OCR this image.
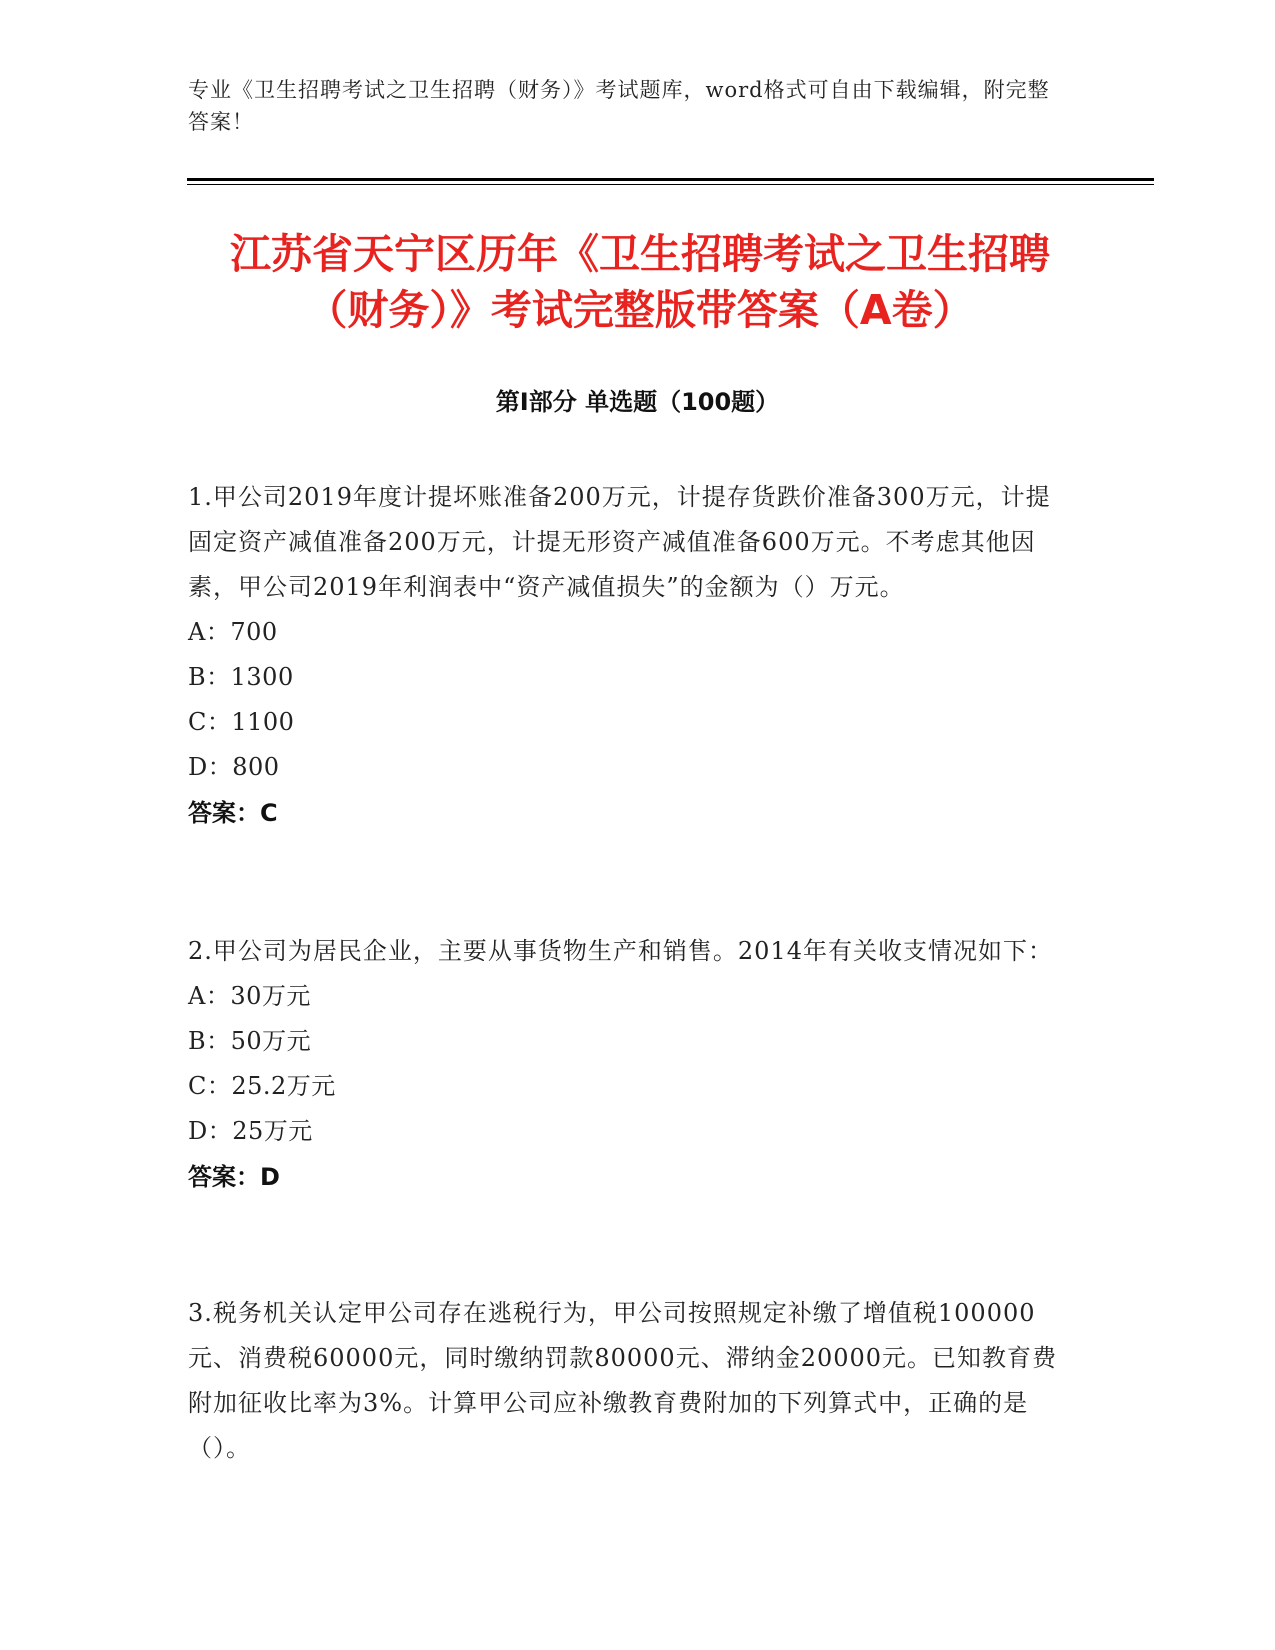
专业《卫生招聘考试之卫生招聘（财务）》考试题库，word格式可自由下载编辑，附完整答案！
江苏省天宁区历年《卫生招聘考试之卫生招聘（财务）》考试完整版带答案（A卷）
第Ⅰ部分 单选题（100题）
1.甲公司2019年度计提坏账准备200万元，计提存货跌价准备300万元，计提固定资产减值准备200万元，计提无形资产减值准备600万元。不考虑其他因素，甲公司2019年利润表中“资产减值损失”的金额为（）万元。
A：700
B：1300
C：1100
D：800
答案：C
2.甲公司为居民企业，主要从事货物生产和销售。2014年有关收支情况如下：
A：30万元
B：50万元
C：25.2万元
D：25万元
答案：D
3.税务机关认定甲公司存在逃税行为，甲公司按照规定补缴了增值税100000元、消费税60000元，同时缴纳罚款80000元、滞纳金20000元。已知教育费附加征收比率为3%。计算甲公司应补缴教育费附加的下列算式中，正确的是（）。
